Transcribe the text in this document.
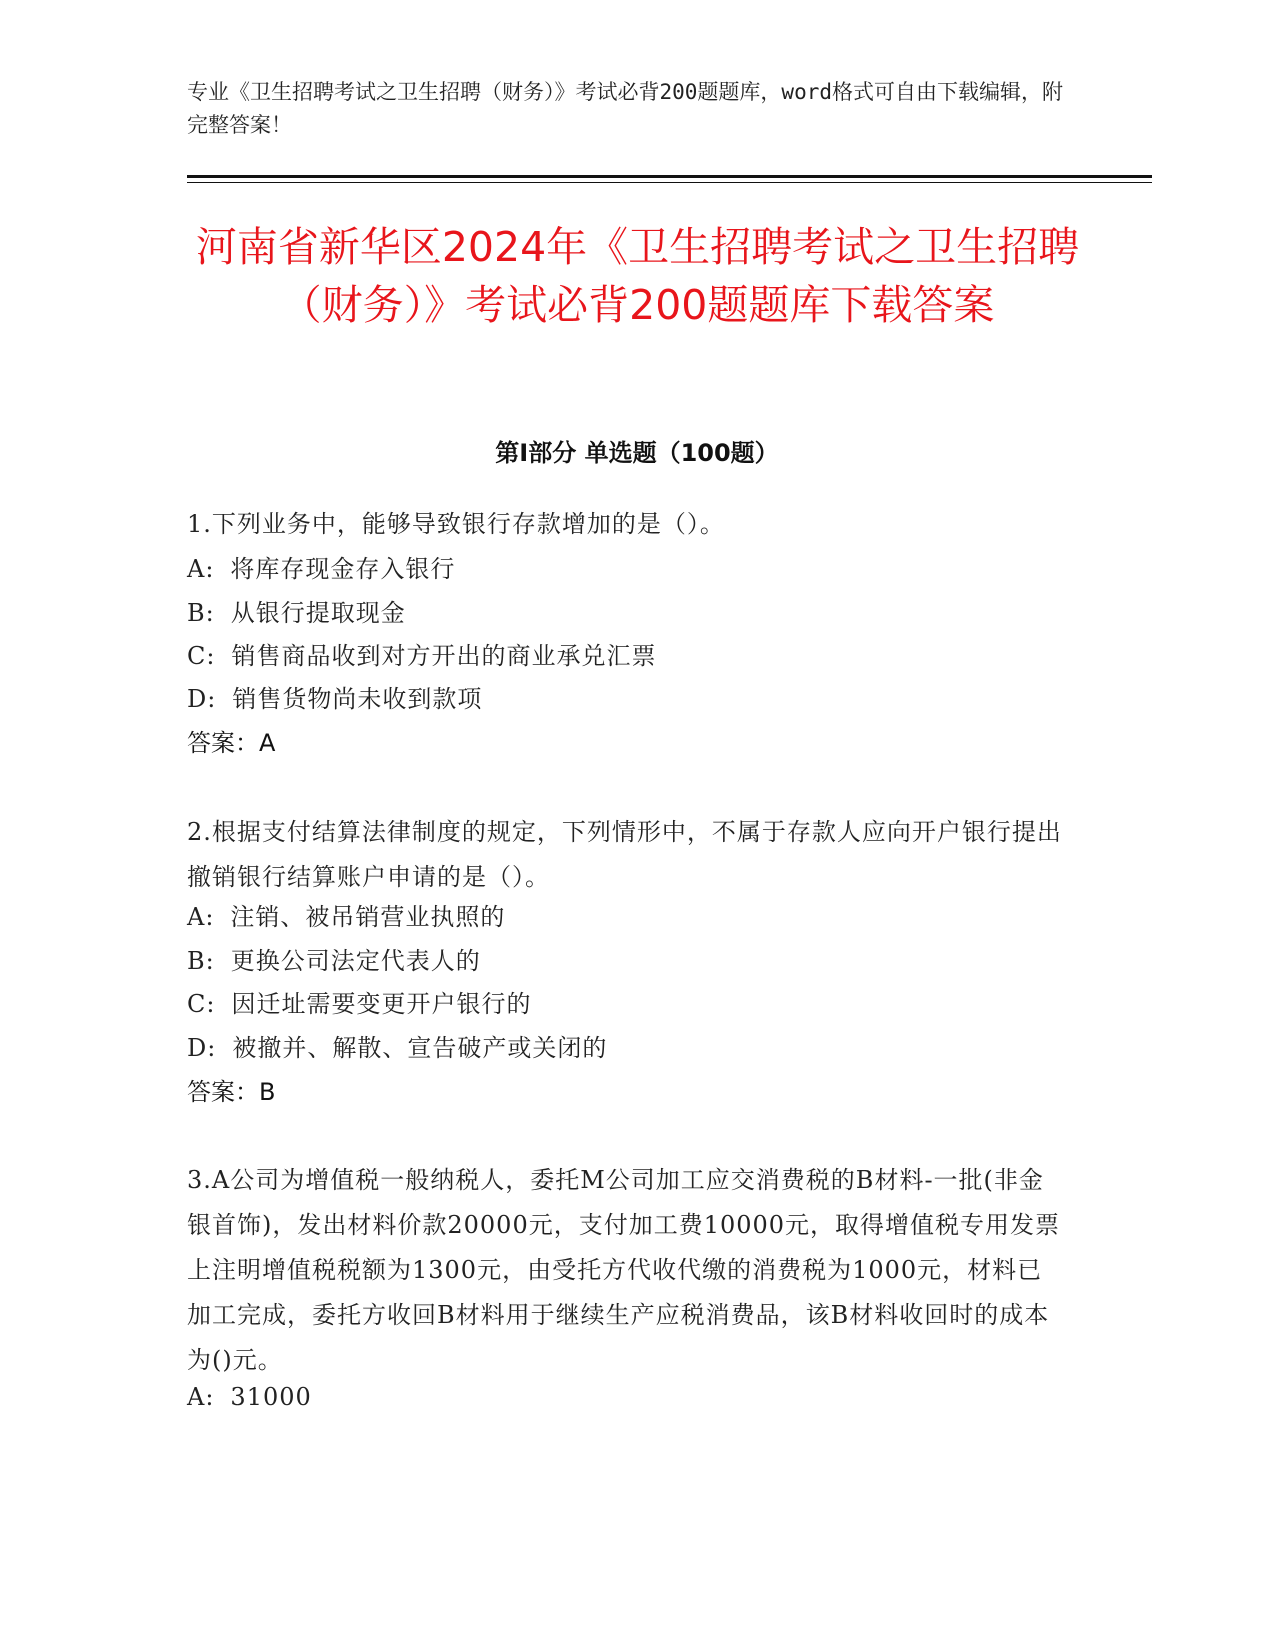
专业《卫生招聘考试之卫生招聘（财务）》考试必背200题题库，word格式可自由下载编辑，附完整答案！

河南省新华区2024年《卫生招聘考试之卫生招聘（财务）》考试必背200题题库下载答案
第I部分 单选题（100题）

1.下列业务中，能够导致银行存款增加的是（）。

A: 将库存现金存入银行
B: 从银行提取现金
C: 销售商品收到对方开出的商业承兑汇票
D: 销售货物尚未收到款项
答案：A

2.根据支付结算法律制度的规定，下列情形中，不属于存款人应向开户银行提出撤销银行结算账户申请的是（）。

A: 注销、被吊销营业执照的
B: 更换公司法定代表人的
C: 因迁址需要变更开户银行的
D: 被撤并、解散、宣告破产或关闭的
答案：B

3.A公司为增值税一般纳税人，委托M公司加工应交消费税的B材料-一批(非金银首饰)，发出材料价款20000元，支付加工费10000元，取得增值税专用发票上注明增值税税额为1300元，由受托方代收代缴的消费税为1000元，材料已加工完成，委托方收回B材料用于继续生产应税消费品，该B材料收回时的成本为()元。

A: 31000
